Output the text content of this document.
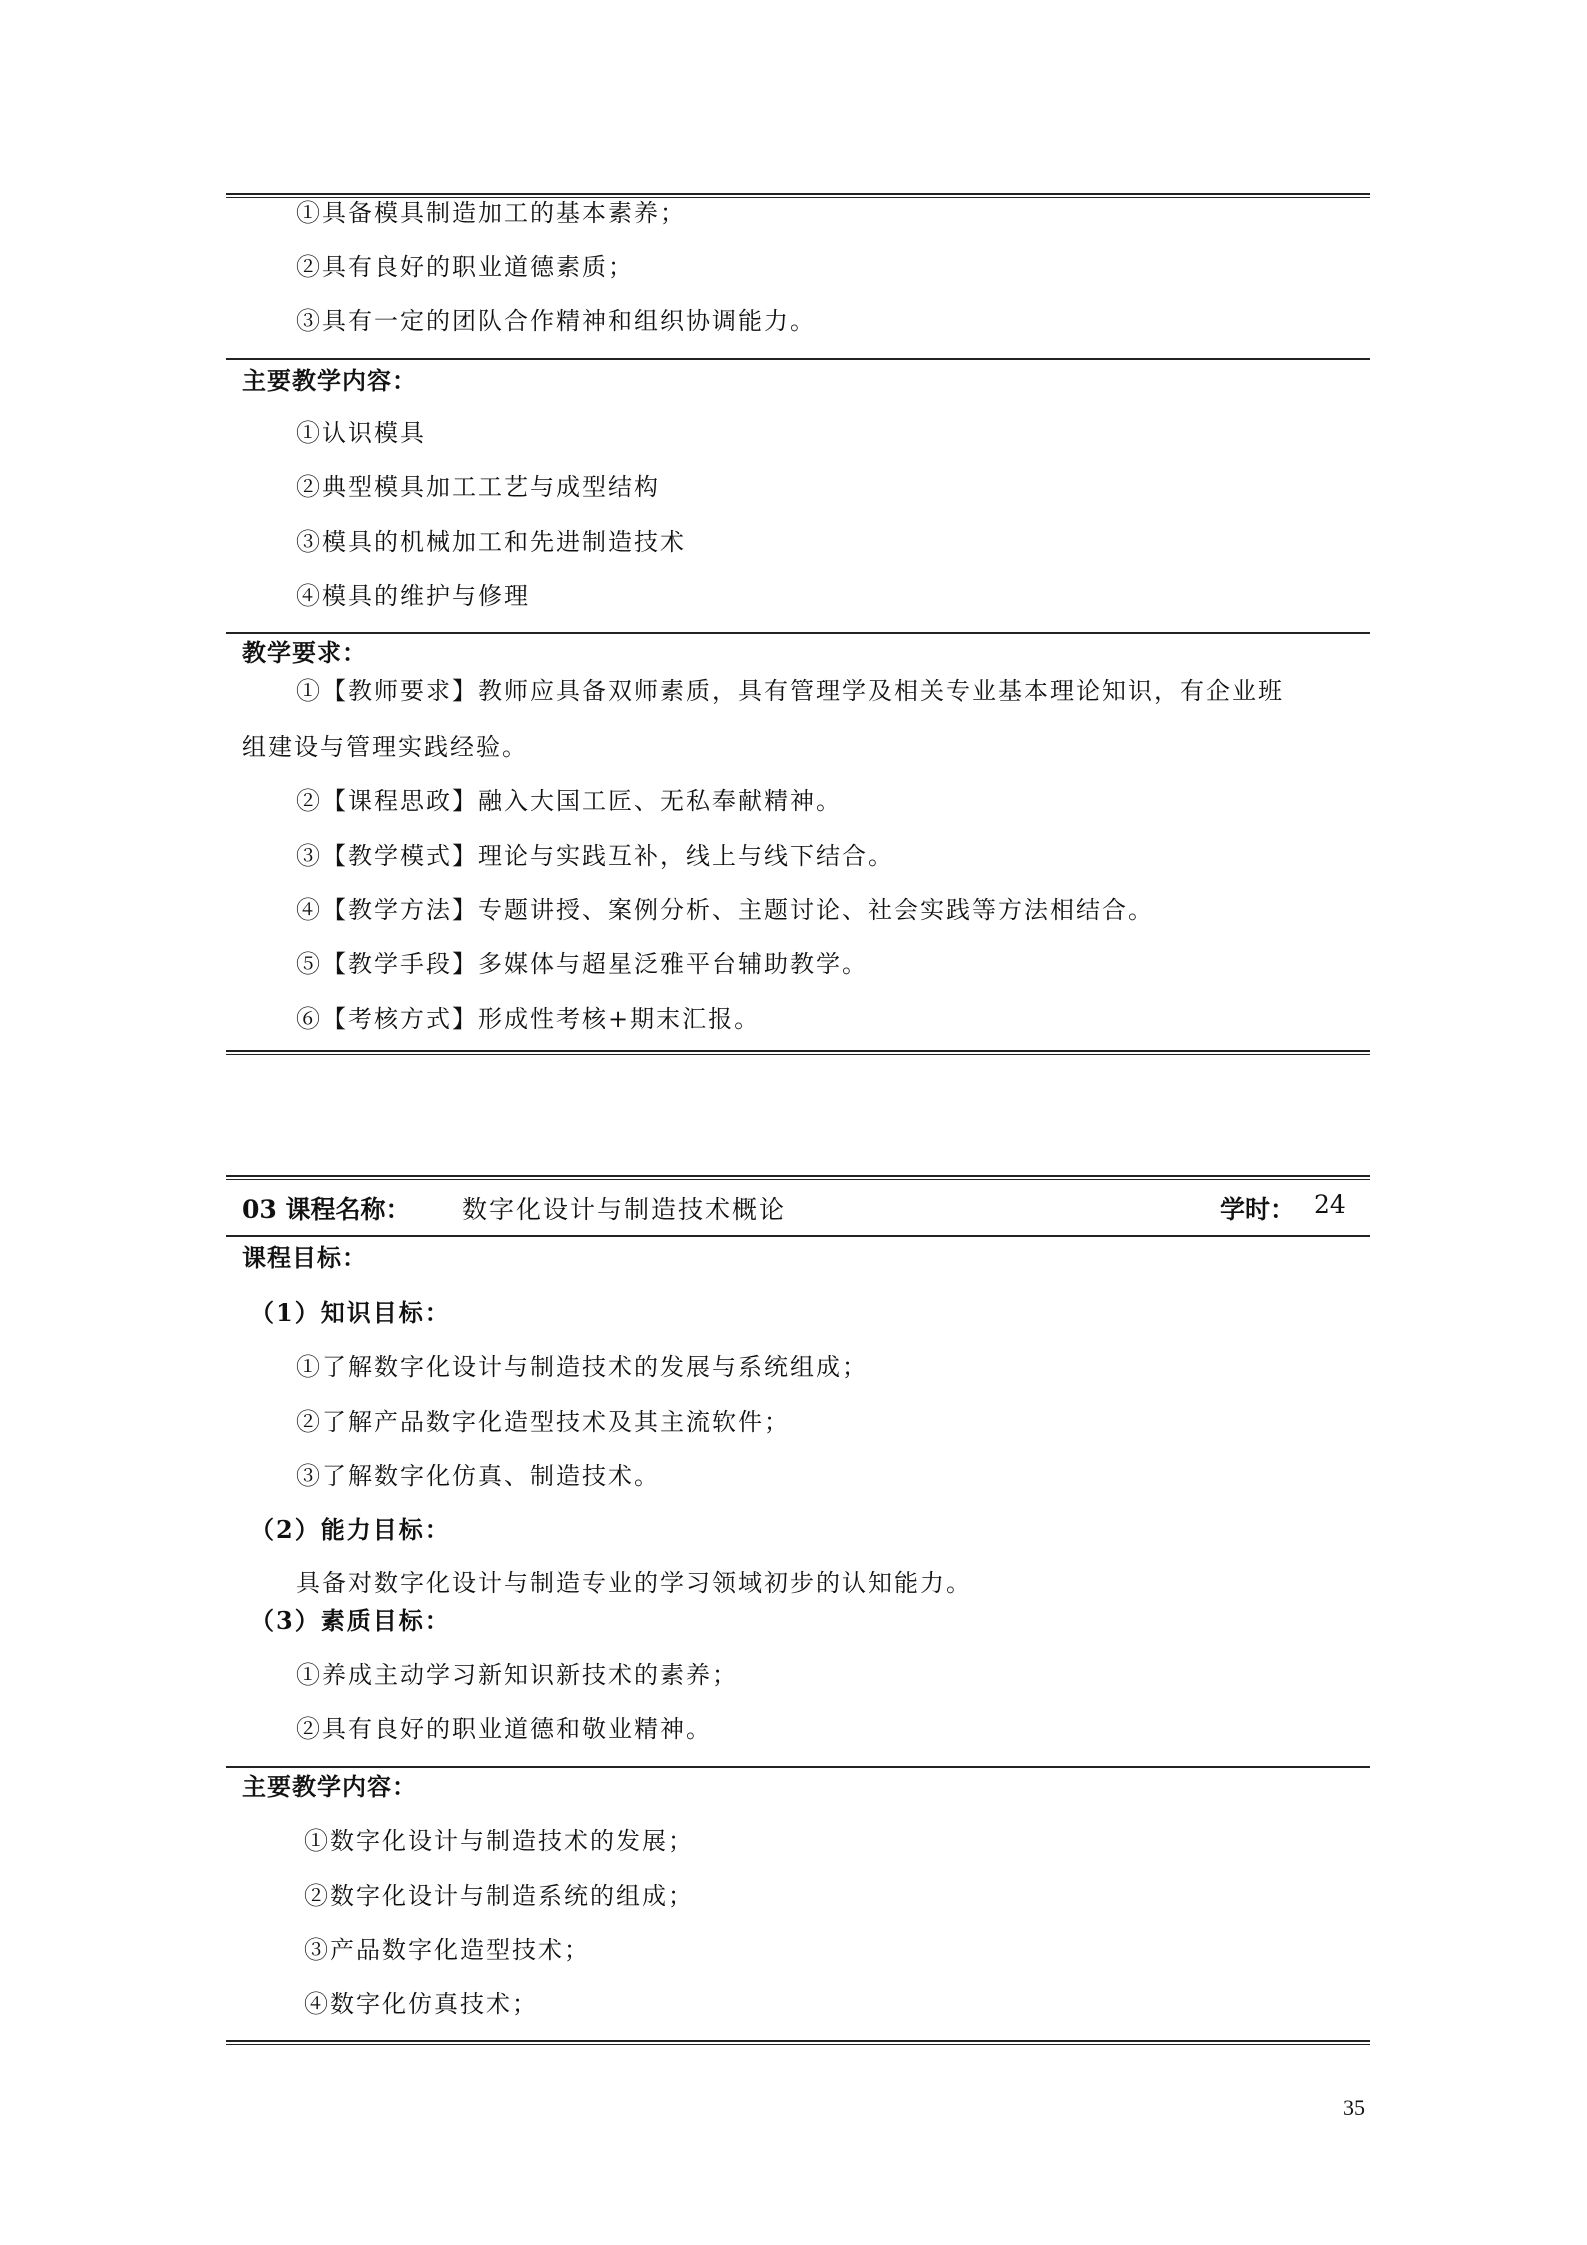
①具备模具制造加工的基本素养；
②具有良好的职业道德素质；
③具有一定的团队合作精神和组织协调能力。
主要教学内容：
①认识模具
②典型模具加工工艺与成型结构
③模具的机械加工和先进制造技术
④模具的维护与修理
教学要求：
①【教师要求】教师应具备双师素质，具有管理学及相关专业基本理论知识，有企业班
组建设与管理实践经验。
②【课程思政】融入大国工匠、无私奉献精神。
③【教学模式】理论与实践互补，线上与线下结合。
④【教学方法】专题讲授、案例分析、主题讨论、社会实践等方法相结合。
⑤【教学手段】多媒体与超星泛雅平台辅助教学。
⑥【考核方式】形成性考核+期末汇报。
03 课程名称： 数字化设计与制造技术概论	学时： 24
课程目标：
（1）知识目标：
①了解数字化设计与制造技术的发展与系统组成；
②了解产品数字化造型技术及其主流软件；
③了解数字化仿真、制造技术。
（2）能力目标：
具备对数字化设计与制造专业的学习领域初步的认知能力。
（3）素质目标：
①养成主动学习新知识新技术的素养；
②具有良好的职业道德和敬业精神。
主要教学内容：
①数字化设计与制造技术的发展；
②数字化设计与制造系统的组成；
③产品数字化造型技术；
④数字化仿真技术；
35
